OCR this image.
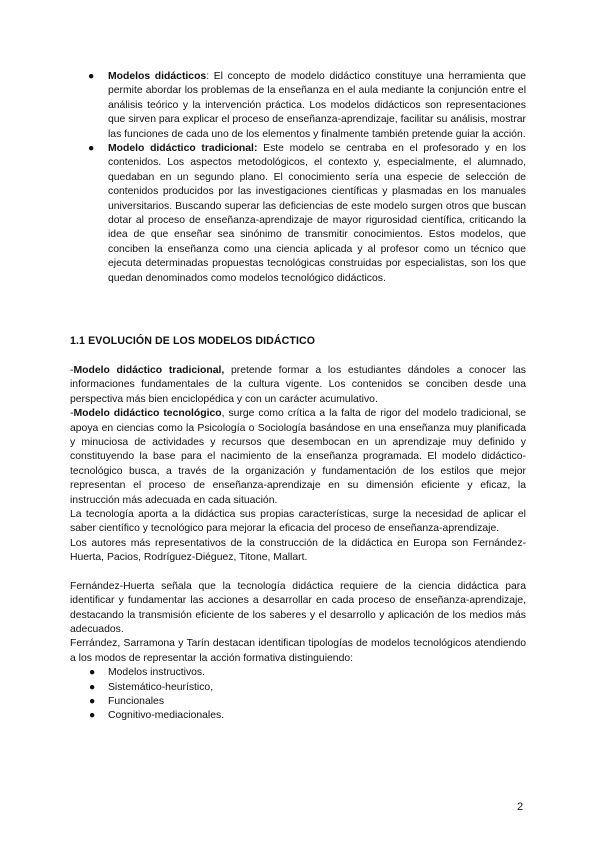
● Modelos didácticos: El concepto de modelo didáctico constituye una herramienta que permite abordar los problemas de la enseñanza en el aula mediante la conjunción entre el análisis teórico y la intervención práctica. Los modelos didácticos son representaciones que sirven para explicar el proceso de enseñanza-aprendizaje, facilitar su análisis, mostrar las funciones de cada uno de los elementos y finalmente también pretende guiar la acción.
● Modelo didáctico tradicional: Este modelo se centraba en el profesorado y en los contenidos. Los aspectos metodológicos, el contexto y, especialmente, el alumnado, quedaban en un segundo plano. El conocimiento sería una especie de selección de contenidos producidos por las investigaciones científicas y plasmadas en los manuales universitarios. Buscando superar las deficiencias de este modelo surgen otros que buscan dotar al proceso de enseñanza-aprendizaje de mayor rigurosidad científica, criticando la idea de que enseñar sea sinónimo de transmitir conocimientos. Estos modelos, que conciben la enseñanza como una ciencia aplicada y al profesor como un técnico que ejecuta determinadas propuestas tecnológicas construidas por especialistas, son los que quedan denominados como modelos tecnológico didácticos.
1.1 EVOLUCIÓN DE LOS MODELOS DIDÁCTICO

-Modelo didáctico tradicional, pretende formar a los estudiantes dándoles a conocer las informaciones fundamentales de la cultura vigente. Los contenidos se conciben desde una perspectiva más bien enciclopédica y con un carácter acumulativo.

-Modelo didáctico tecnológico, surge como crítica a la falta de rigor del modelo tradicional, se apoya en ciencias como la Psicología o Sociología basándose en una enseñanza muy planificada y minuciosa de actividades y recursos que desembocan en un aprendizaje muy definido y constituyendo la base para el nacimiento de la enseñanza programada. El modelo didáctico-tecnológico busca, a través de la organización y fundamentación de los estilos que mejor representan el proceso de enseñanza-aprendizaje en su dimensión eficiente y eficaz, la instrucción más adecuada en cada situación.

La tecnología aporta a la didáctica sus propias características, surge la necesidad de aplicar el saber científico y tecnológico para mejorar la eficacia del proceso de enseñanza-aprendizaje.

Los autores más representativos de la construcción de la didáctica en Europa son Fernández-Huerta, Pacios, Rodríguez-Diéguez, Titone, Mallart.

Fernández-Huerta señala que la tecnología didáctica requiere de la ciencia didáctica para identificar y fundamentar las acciones a desarrollar en cada proceso de enseñanza-aprendizaje, destacando la transmisión eficiente de los saberes y el desarrollo y aplicación de los medios más adecuados.

Ferrández, Sarramona y Tarín destacan identifican tipologías de modelos tecnológicos atendiendo a los modos de representar la acción formativa distinguiendo:

● Modelos instructivos.
● Sistemático-heurístico,
● Funcionales
● Cognitivo-mediacionales.
2
